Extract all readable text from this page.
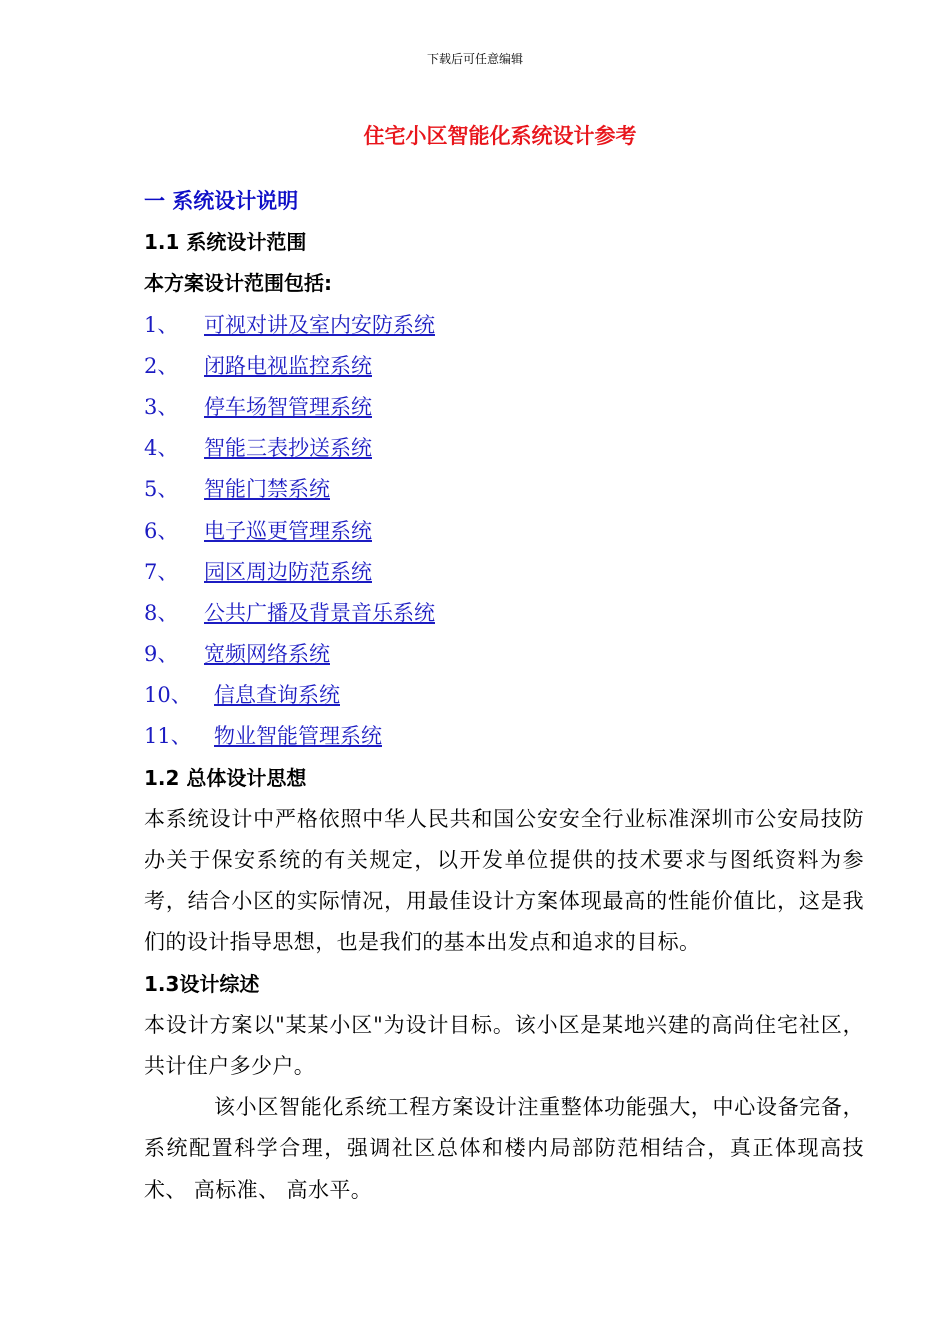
下载后可任意编辑
住宅小区智能化系统设计参考
一 系统设计说明
1.1 系统设计范围
本方案设计范围包括:
1、 可视对讲及室内安防系统
2、 闭路电视监控系统
3、 停车场智管理系统
4、 智能三表抄送系统
5、 智能门禁系统
6、 电子巡更管理系统
7、 园区周边防范系统
8、 公共广播及背景音乐系统
9、 宽频网络系统
10、 信息查询系统
11、 物业智能管理系统
1.2 总体设计思想
本系统设计中严格依照中华人民共和国公安安全行业标准深圳市公安局技防办关于保安系统的有关规定，以开发单位提供的技术要求与图纸资料为参考，结合小区的实际情况，用最佳设计方案体现最高的性能价值比，这是我们的设计指导思想，也是我们的基本出发点和追求的目标。
1.3设计综述
本设计方案以"某某小区"为设计目标。该小区是某地兴建的高尚住宅社区，共计住户多少户。
该小区智能化系统工程方案设计注重整体功能强大，中心设备完备，系统配置科学合理，强调社区总体和楼内局部防范相结合，真正体现高技术、 高标准、 高水平。
